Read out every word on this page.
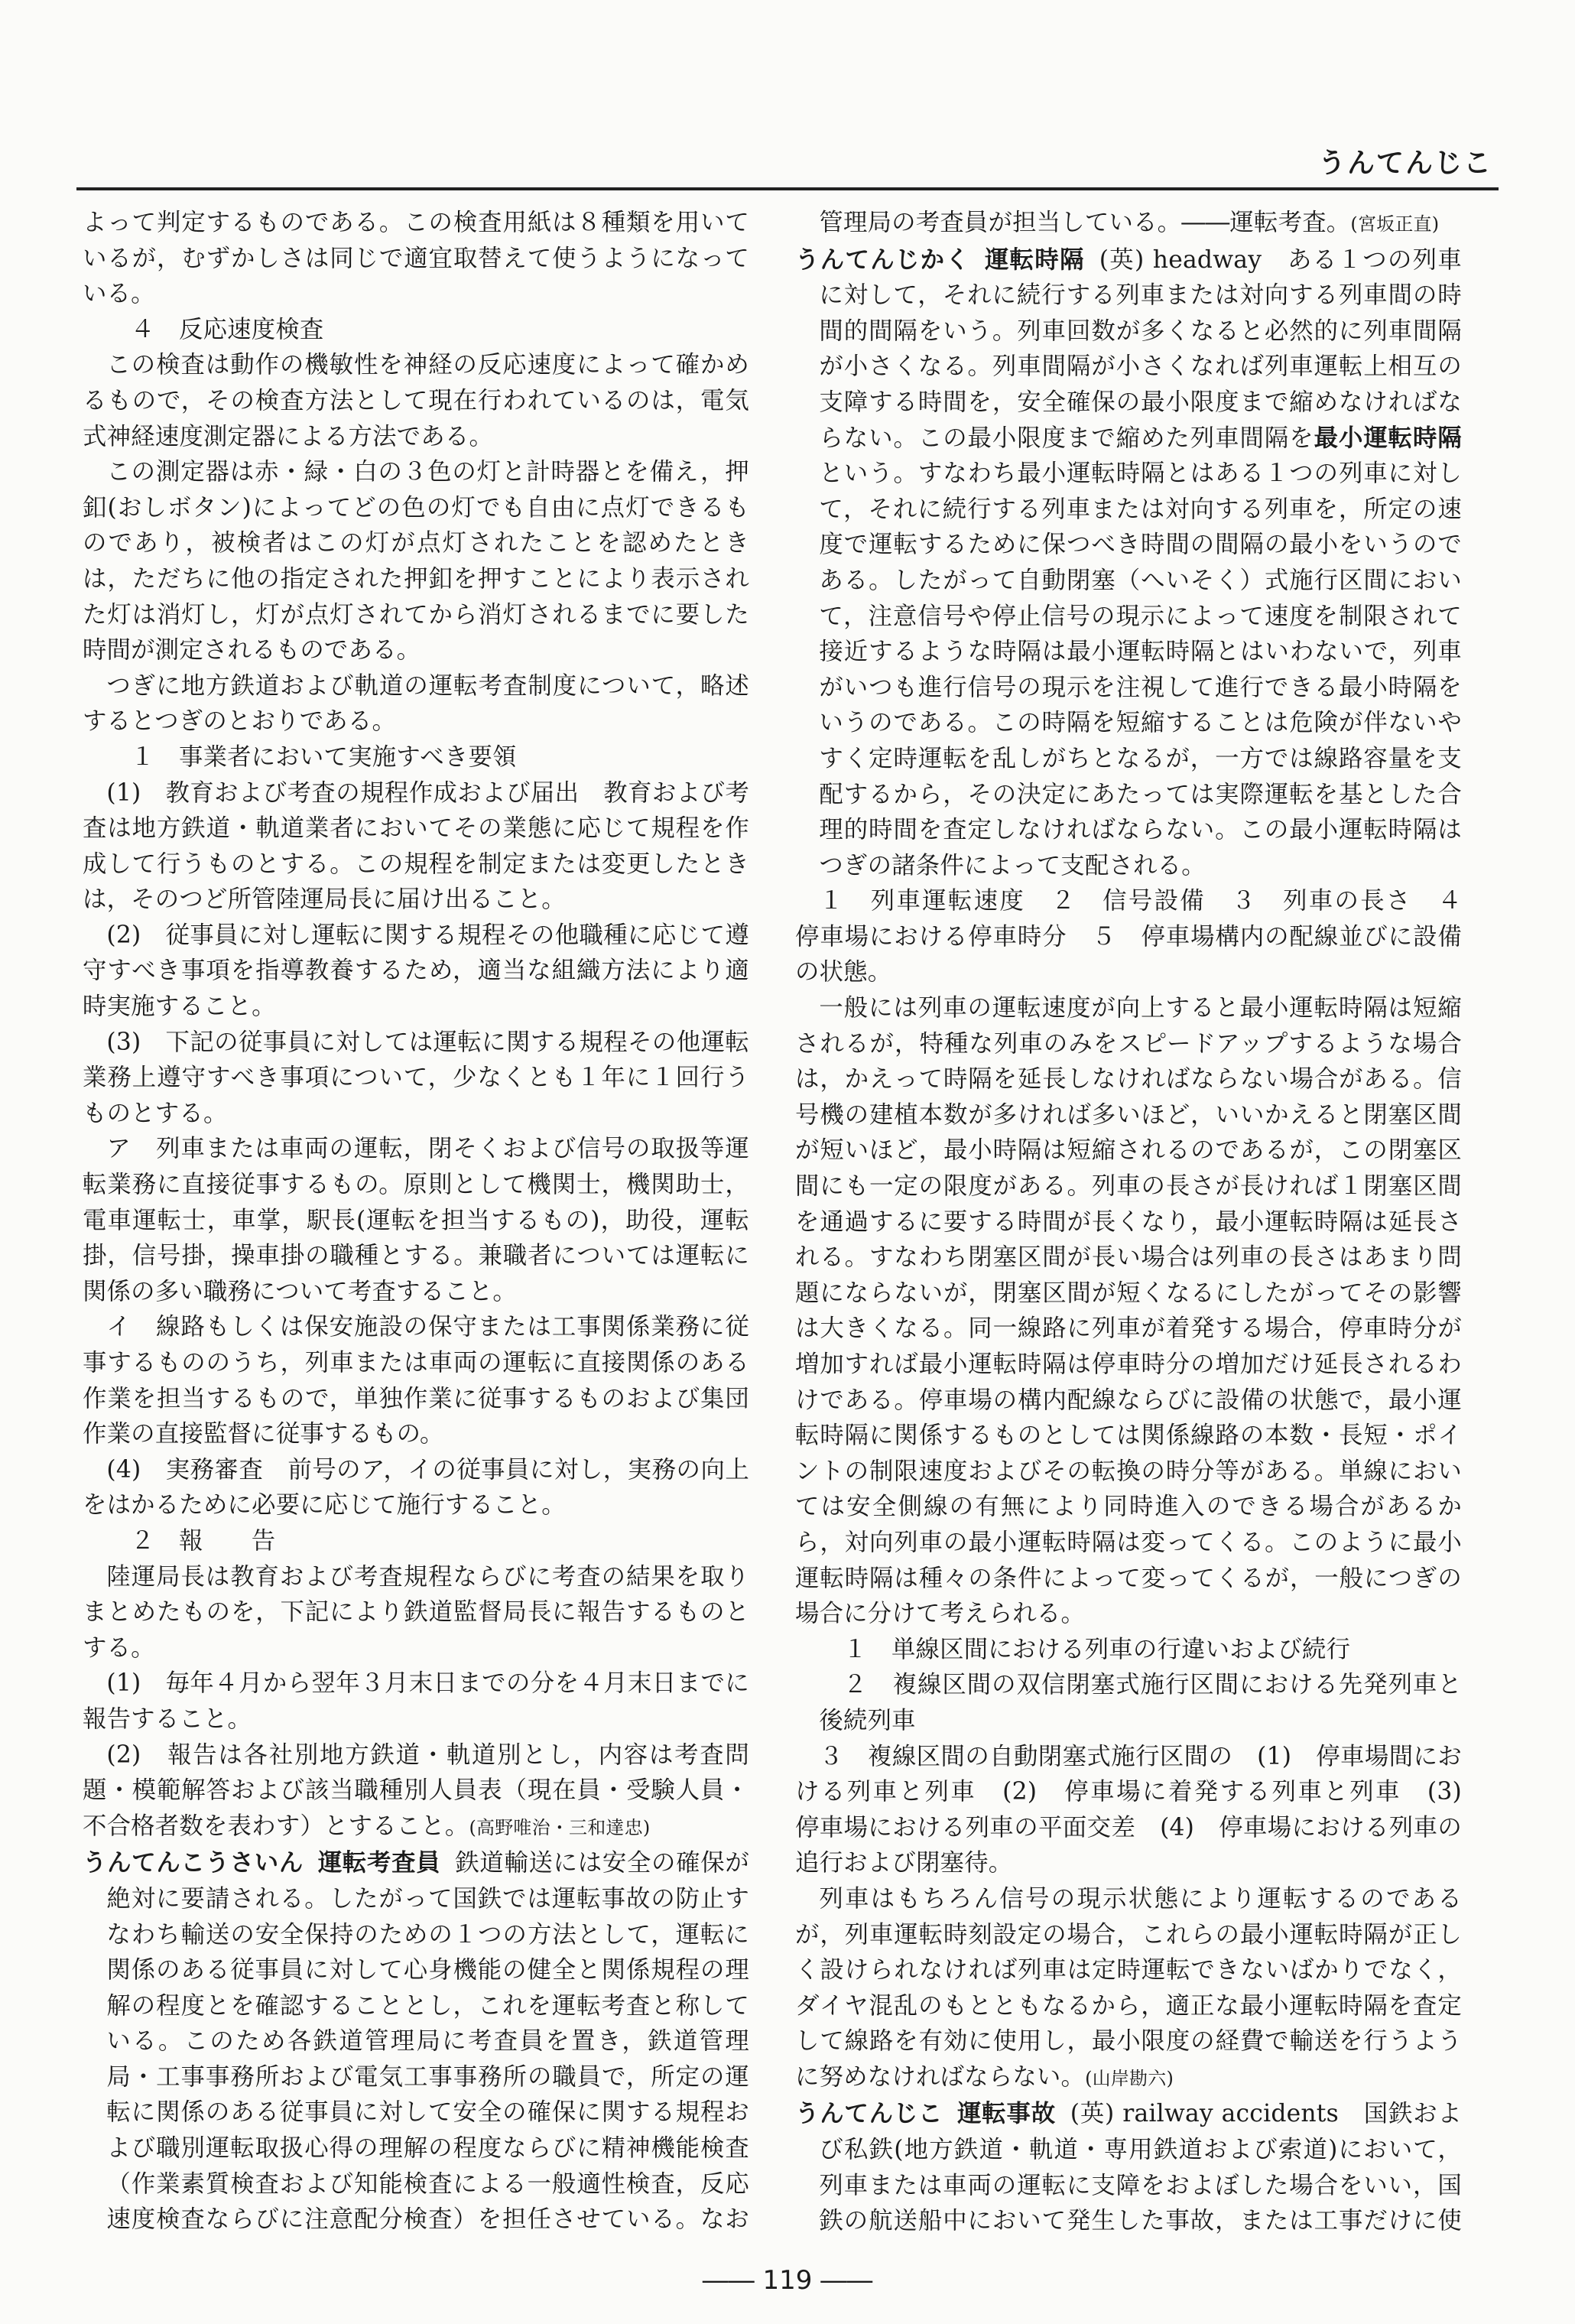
うんてんじこ

よって判定するものである。この検査用紙は８種類を用いているが，むずかしさは同じで適宜取替えて使うようになっている。

４　反応速度検査

この検査は動作の機敏性を神経の反応速度によって確かめるもので，その検査方法として現在行われているのは，電気式神経速度測定器による方法である。

この測定器は赤・緑・白の３色の灯と計時器とを備え，押釦(おしボタン)によってどの色の灯でも自由に点灯できるものであり，被検者はこの灯が点灯されたことを認めたときは，ただちに他の指定された押釦を押すことにより表示された灯は消灯し，灯が点灯されてから消灯されるまでに要した時間が測定されるものである。

つぎに地方鉄道および軌道の運転考査制度について，略述するとつぎのとおりである。

１　事業者において実施すべき要領

(1)　教育および考査の規程作成および届出　教育および考査は地方鉄道・軌道業者においてその業態に応じて規程を作成して行うものとする。この規程を制定または変更したときは，そのつど所管陸運局長に届け出ること。

(2)　従事員に対し運転に関する規程その他職種に応じて遵守すべき事項を指導教養するため，適当な組織方法により適時実施すること。

(3)　下記の従事員に対しては運転に関する規程その他運転業務上遵守すべき事項について，少なくとも１年に１回行うものとする。

ア　列車または車両の運転，閉そくおよび信号の取扱等運転業務に直接従事するもの。原則として機関士，機関助士，電車運転士，車掌，駅長(運転を担当するもの)，助役，運転掛，信号掛，操車掛の職種とする。兼職者については運転に関係の多い職務について考査すること。

イ　線路もしくは保安施設の保守または工事関係業務に従事するもののうち，列車または車両の運転に直接関係のある作業を担当するもので，単独作業に従事するものおよび集団作業の直接監督に従事するもの。

(4)　実務審査　前号のア，イの従事員に対し，実務の向上をはかるために必要に応じて施行すること。

２　報　　告

陸運局長は教育および考査規程ならびに考査の結果を取りまとめたものを，下記により鉄道監督局長に報告するものとする。

(1)　毎年４月から翌年３月末日までの分を４月末日までに報告すること。

(2)　報告は各社別地方鉄道・軌道別とし，内容は考査問題・模範解答および該当職種別人員表（現在員・受験人員・不合格者数を表わす）とすること。(高野唯治・三和達忠)

うんてんこうさいん 運転考査員 鉄道輸送には安全の確保が絶対に要請される。したがって国鉄では運転事故の防止すなわち輸送の安全保持のための１つの方法として，運転に関係のある従事員に対して心身機能の健全と関係規程の理解の程度とを確認することとし，これを運転考査と称している。このため各鉄道管理局に考査員を置き，鉄道管理局・工事事務所および電気工事事務所の職員で，所定の運転に関係のある従事員に対して安全の確保に関する規程および職別運転取扱心得の理解の程度ならびに精神機能検査（作業素質検査および知能検査による一般適性検査，反応速度検査ならびに注意配分検査）を担任させている。なお

管理局の考査員が担当している。――運転考査。(宮坂正直)

うんてんじかく 運転時隔 (英) headway　 ある１つの列車に対して，それに続行する列車または対向する列車間の時間的間隔をいう。列車回数が多くなると必然的に列車間隔が小さくなる。列車間隔が小さくなれば列車運転上相互の支障する時間を，安全確保の最小限度まで縮めなければならない。この最小限度まで縮めた列車間隔を最小運転時隔という。すなわち最小運転時隔とはある１つの列車に対して，それに続行する列車または対向する列車を，所定の速度で運転するために保つべき時間の間隔の最小をいうのである。したがって自動閉塞（へいそく）式施行区間において，注意信号や停止信号の現示によって速度を制限されて接近するような時隔は最小運転時隔とはいわないで，列車がいつも進行信号の現示を注視して進行できる最小時隔をいうのである。この時隔を短縮することは危険が伴ないやすく定時運転を乱しがちとなるが，一方では線路容量を支配するから，その決定にあたっては実際運転を基とした合理的時間を査定しなければならない。この最小運転時隔はつぎの諸条件によって支配される。

１　列車運転速度　２　信号設備　３　列車の長さ　４　停車場における停車時分　５　停車場構内の配線並びに設備の状態。

一般には列車の運転速度が向上すると最小運転時隔は短縮されるが，特種な列車のみをスピードアップするような場合は，かえって時隔を延長しなければならない場合がある。信号機の建植本数が多ければ多いほど，いいかえると閉塞区間が短いほど，最小時隔は短縮されるのであるが，この閉塞区間にも一定の限度がある。列車の長さが長ければ１閉塞区間を通過するに要する時間が長くなり，最小運転時隔は延長される。すなわち閉塞区間が長い場合は列車の長さはあまり問題にならないが，閉塞区間が短くなるにしたがってその影響は大きくなる。同一線路に列車が着発する場合，停車時分が増加すれば最小運転時隔は停車時分の増加だけ延長されるわけである。停車場の構内配線ならびに設備の状態で，最小運転時隔に関係するものとしては関係線路の本数・長短・ポイントの制限速度およびその転換の時分等がある。単線においては安全側線の有無により同時進入のできる場合があるから，対向列車の最小運転時隔は変ってくる。このように最小運転時隔は種々の条件によって変ってくるが，一般につぎの場合に分けて考えられる。

１　単線区間における列車の行違いおよび続行

２　複線区間の双信閉塞式施行区間における先発列車と後続列車

３　複線区間の自動閉塞式施行区間の　(1)　停車場間における列車と列車　(2)　停車場に着発する列車と列車　(3)　停車場における列車の平面交差　(4)　停車場における列車の追行および閉塞待。

列車はもちろん信号の現示状態により運転するのであるが，列車運転時刻設定の場合，これらの最小運転時隔が正しく設けられなければ列車は定時運転できないばかりでなく，ダイヤ混乱のもとともなるから，適正な最小運転時隔を査定して線路を有効に使用し，最小限度の経費で輸送を行うように努めなければならない。(山岸勘六)

うんてんじこ 運転事故 (英) railway accidents　 国鉄および私鉄(地方鉄道・軌道・専用鉄道および索道)において，列車または車両の運転に支障をおよぼした場合をいい，国鉄の航送船中において発生した事故，または工事だけに使

―― 119 ――
